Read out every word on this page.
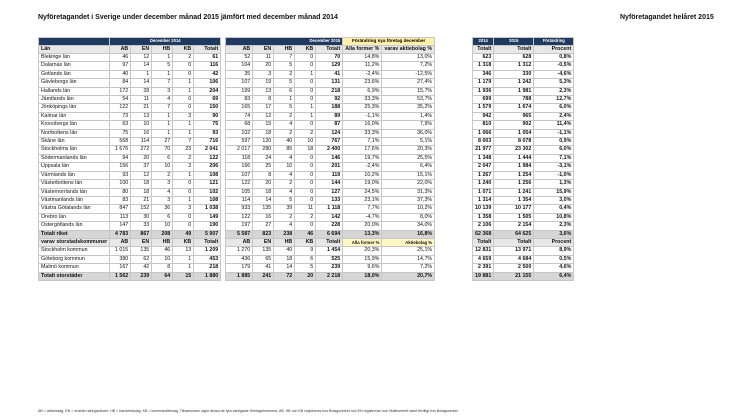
Nyföretagandet i Sverige under december månad 2015 jämfört med december månad 2014	Nyföretagandet helåret 2015
	December 2014						December 2015					Förändring nya företag december			2014	2015	Förändring
Län	AB	EN	HB	KB	Totalt		AB	EN	HB	KB	Totalt	Alla former %	varav aktiebolag %		Totalt	Totalt	Procent
Blekinge län	46	12	1	2	61		52	11	7	0	70	14,8%	13,0%		623	628	0,8%
Dalarnas län	97	14	5	0	116		104	20	5	0	129	11,2%	7,2%		1 318	1 312	-0,5%
Gotlands län	40	1	1	0	42		35	3	2	1	41	-2,4%	-12,5%		346	330	-4,6%
Gävleborgs län	84	14	7	1	106		107	19	5	0	131	23,6%	27,4%		1 179	1 242	5,3%
Hallands län	172	28	3	1	204		199	13	6	0	218	6,9%	15,7%		1 936	1 981	2,3%
Jämtlands län	54	11	4	0	69		83	8	1	0	92	33,3%	53,7%		699	788	12,7%
Jönköpings län	122	21	7	0	150		165	17	5	1	188	25,3%	35,2%		1 579	1 674	6,0%
Kalmar län	73	13	1	3	90		74	12	2	1	89	-1,1%	1,4%		942	965	2,4%
Kronobergs län	63	10	1	1	75		68	15	4	0	87	16,0%	7,9%		810	902	11,4%
Norrbottens län	75	16	1	1	93		102	18	2	2	124	33,3%	36,0%		1 066	1 054	-1,1%
Skåne län	568	114	27	7	716		597	120	40	10	767	7,1%	5,1%		8 003	8 078	0,9%
Stockholms län	1 676	272	70	23	2 041		2 017	280	85	18	2 400	17,6%	20,3%		21 977	23 302	6,0%
Södermanlands län	94	20	6	2	122		118	24	4	0	146	19,7%	25,5%		1 348	1 444	7,1%
Uppsala län	156	37	10	3	206		166	25	10	0	201	-2,4%	6,4%		2 047	1 984	-3,1%
Värmlands län	93	12	2	1	108		107	8	4	0	119	10,2%	15,1%		1 267	1 254	-1,0%
Västerbottens län	100	18	3	0	121		122	20	2	0	144	19,0%	22,0%		1 240	1 256	1,3%
Västernorrlands län	80	18	4	0	102		105	18	4	0	127	24,5%	31,3%		1 071	1 241	15,9%
Västmanlands län	83	21	3	1	108		114	14	5	0	133	23,1%	37,3%		1 314	1 354	3,0%
Västra Götalands län	847	152	36	3	1 038		933	135	39	11	1 118	7,7%	10,2%		10 139	10 177	0,4%
Örebro län	113	30	6	0	149		122	16	2	2	142	-4,7%	8,0%		1 358	1 505	10,8%
Östergötlands län	147	33	10	0	190		197	27	4	0	228	20,0%	34,0%		2 106	2 154	2,3%
Totalt riket	4 783	867	208	49	5 907		5 587	823	238	46	6 694	13,3%	16,8%		62 368	64 625	3,6%
varav storstadskommuner	AB	EN	HB	KB	Totalt		AB	EN	HB	KB	Totalt	Alla former %	Aktiebolag %		Totalt	Totalt	Procent
Stockholm kommun	1 015	135	46	13	1 209		1 270	135	40	9	1 454	20,3%	25,1%		12 831	13 971	8,9%
Göteborg kommun	380	62	10	1	453		436	65	18	6	525	15,9%	14,7%		4 659	4 684	0,5%
Malmö kommun	167	42	8	1	218		179	41	14	5	239	9,6%	7,2%		2 391	2 500	4,6%
Totalt storstäder	1 562	239	64	15	1 880		1 885	241	72	20	2 218	18,0%	20,7%		19 881	21 155	6,4%
AB = aktiebolag, EN = enskild näringsidkare, HB = handelsbolag, KB = kommanditbolag. Tillsammans utgör dessa de fyra vanligaste företagsformerna. AB, HB och KB registreras hos Bolagsverket och EN registreras hos Skatteverket samt frivilligt hos Bolagsverket.
